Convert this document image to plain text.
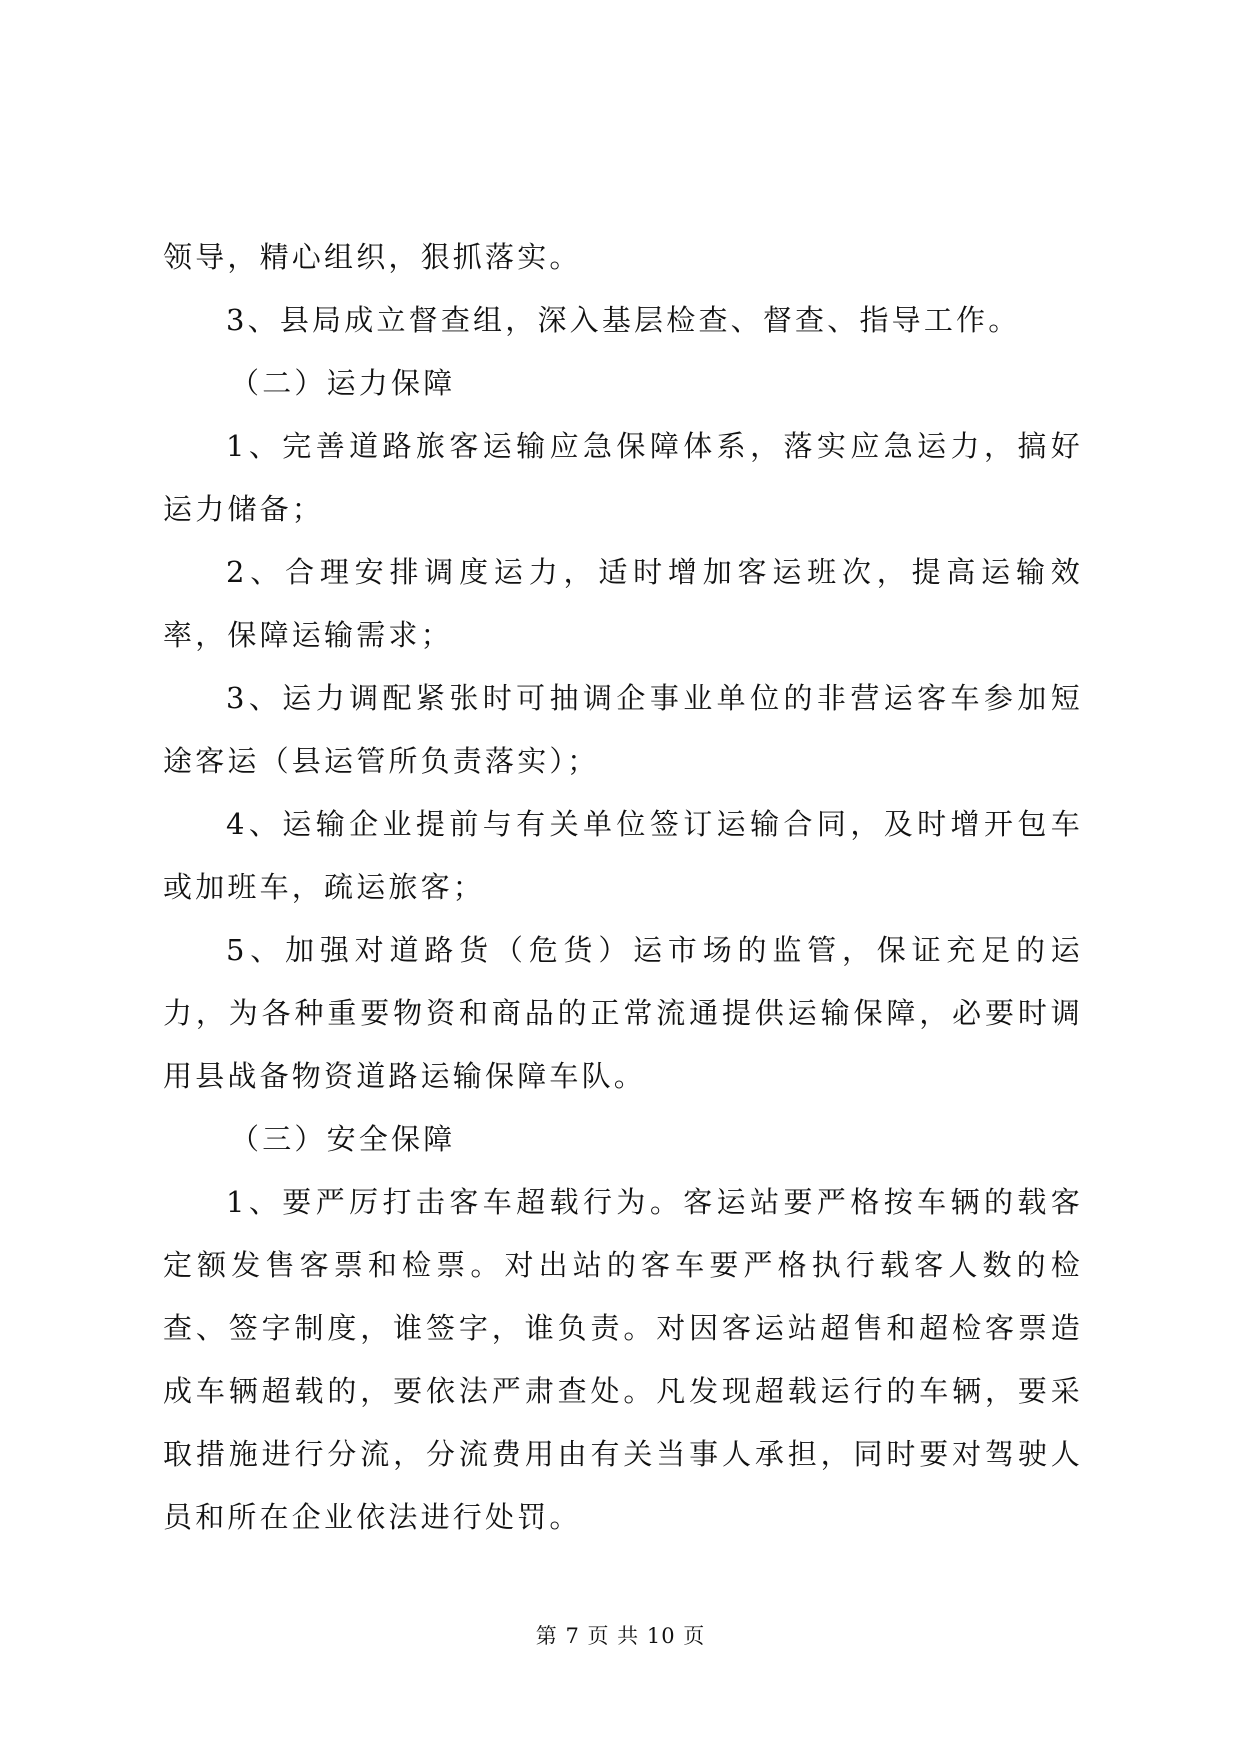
领导，精心组织，狠抓落实。

3、县局成立督查组，深入基层检查、督查、指导工作。

（二）运力保障

1、完善道路旅客运输应急保障体系，落实应急运力，搞好运力储备；

2、合理安排调度运力，适时增加客运班次，提高运输效率，保障运输需求；

3、运力调配紧张时可抽调企事业单位的非营运客车参加短途客运（县运管所负责落实）；

4、运输企业提前与有关单位签订运输合同，及时增开包车或加班车，疏运旅客；

5、加强对道路货（危货）运市场的监管，保证充足的运力，为各种重要物资和商品的正常流通提供运输保障，必要时调用县战备物资道路运输保障车队。

（三）安全保障

1、要严厉打击客车超载行为。客运站要严格按车辆的载客定额发售客票和检票。对出站的客车要严格执行载客人数的检查、签字制度，谁签字，谁负责。对因客运站超售和超检客票造成车辆超载的，要依法严肃查处。凡发现超载运行的车辆，要采取措施进行分流，分流费用由有关当事人承担，同时要对驾驶人员和所在企业依法进行处罚。

第 7 页 共 10 页
